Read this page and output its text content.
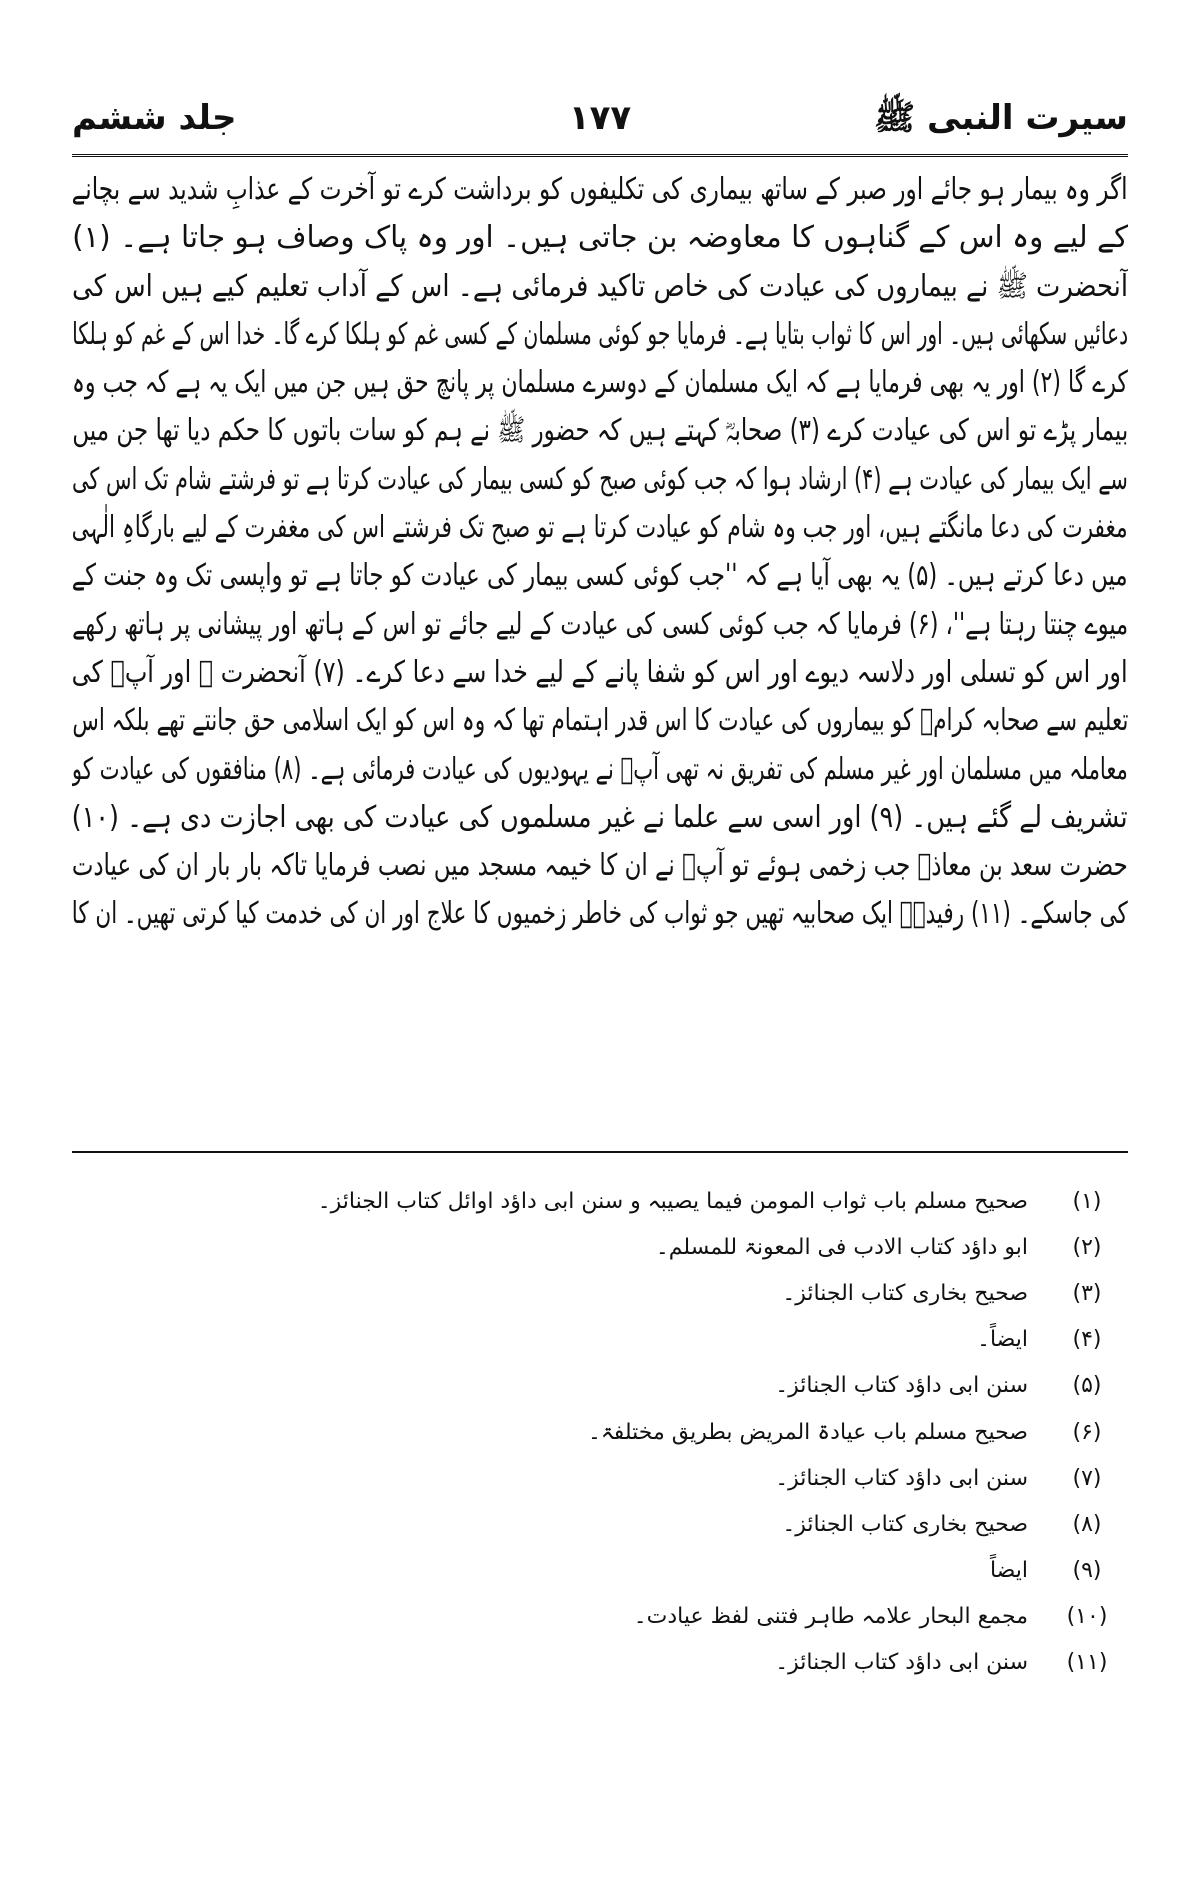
سیرت النبی ﷺ
۱۷۷
جلد ششم
اگر وہ بیمار ہو جائے اور صبر کے ساتھ بیماری کی تکلیفوں کو برداشت کرے تو آخرت کے عذابِ شدید سے بچانے
کے لیے وہ اس کے گناہوں کا معاوضہ بن جاتی ہیں۔ اور وہ پاک وصاف ہو جاتا ہے۔ (۱)
آنحضرت ﷺ نے بیماروں کی عیادت کی خاص تاکید فرمائی ہے۔ اس کے آداب تعلیم کیے ہیں اس کی
دعائیں سکھائی ہیں۔ اور اس کا ثواب بتایا ہے۔ فرمایا جو کوئی مسلمان کے کسی غم کو ہلکا کرے گا۔ خدا اس کے غم کو ہلکا
کرے گا (۲) اور یہ بھی فرمایا ہے کہ ایک مسلمان کے دوسرے مسلمان پر پانچ حق ہیں جن میں ایک یہ ہے کہ جب وہ
بیمار پڑے تو اس کی عیادت کرے (۳) صحابہؓ کہتے ہیں کہ حضور ﷺ نے ہم کو سات باتوں کا حکم دیا تھا جن میں
سے ایک بیمار کی عیادت ہے (۴) ارشاد ہوا کہ جب کوئی صبح کو کسی بیمار کی عیادت کرتا ہے تو فرشتے شام تک اس کی
مغفرت کی دعا مانگتے ہیں، اور جب وہ شام کو عیادت کرتا ہے تو صبح تک فرشتے اس کی مغفرت کے لیے بارگاہِ الٰہی
میں دعا کرتے ہیں۔ (۵) یہ بھی آیا ہے کہ ''جب کوئی کسی بیمار کی عیادت کو جاتا ہے تو واپسی تک وہ جنت کے
میوے چنتا رہتا ہے''، (۶) فرمایا کہ جب کوئی کسی کی عیادت کے لیے جائے تو اس کے ہاتھ اور پیشانی پر ہاتھ رکھے
اور اس کو تسلی اور دلاسہ دیوے اور اس کو شفا پانے کے لیے خدا سے دعا کرے۔ (۷) آنحضرت ﷺ اور آپؐ کی
تعلیم سے صحابہ کرامؓ کو بیماروں کی عیادت کا اس قدر اہتمام تھا کہ وہ اس کو ایک اسلامی حق جانتے تھے بلکہ اس
معاملہ میں مسلمان اور غیر مسلم کی تفریق نہ تھی آپؐ نے یہودیوں کی عیادت فرمائی ہے۔ (۸) منافقوں کی عیادت کو
تشریف لے گئے ہیں۔ (۹) اور اسی سے علما نے غیر مسلموں کی عیادت کی بھی اجازت دی ہے۔ (۱۰)
حضرت سعد بن معاذؓ جب زخمی ہوئے تو آپؐ نے ان کا خیمہ مسجد میں نصب فرمایا تاکہ بار بار ان کی عیادت
کی جاسکے۔ (۱۱) رفیدہؓ ایک صحابیہ تھیں جو ثواب کی خاطر زخمیوں کا علاج اور ان کی خدمت کیا کرتی تھیں۔ ان کا
(۱)
صحیح مسلم باب ثواب المومن فیما یصیبہ و سنن ابی داؤد اوائل کتاب الجنائز۔
(۲)
ابو داؤد کتاب الادب فی المعونۃ للمسلم۔
(۳)
صحیح بخاری کتاب الجنائز۔
(۴)
ایضاً۔
(۵)
سنن ابی داؤد کتاب الجنائز۔
(۶)
صحیح مسلم باب عیادۃ المریض بطریق مختلفۃ۔
(۷)
سنن ابی داؤد کتاب الجنائز۔
(۸)
صحیح بخاری کتاب الجنائز۔
(۹)
ایضاً
(۱۰)
مجمع البحار علامہ طاہر فتنی لفظ عیادت۔
(۱۱)
سنن ابی داؤد کتاب الجنائز۔
